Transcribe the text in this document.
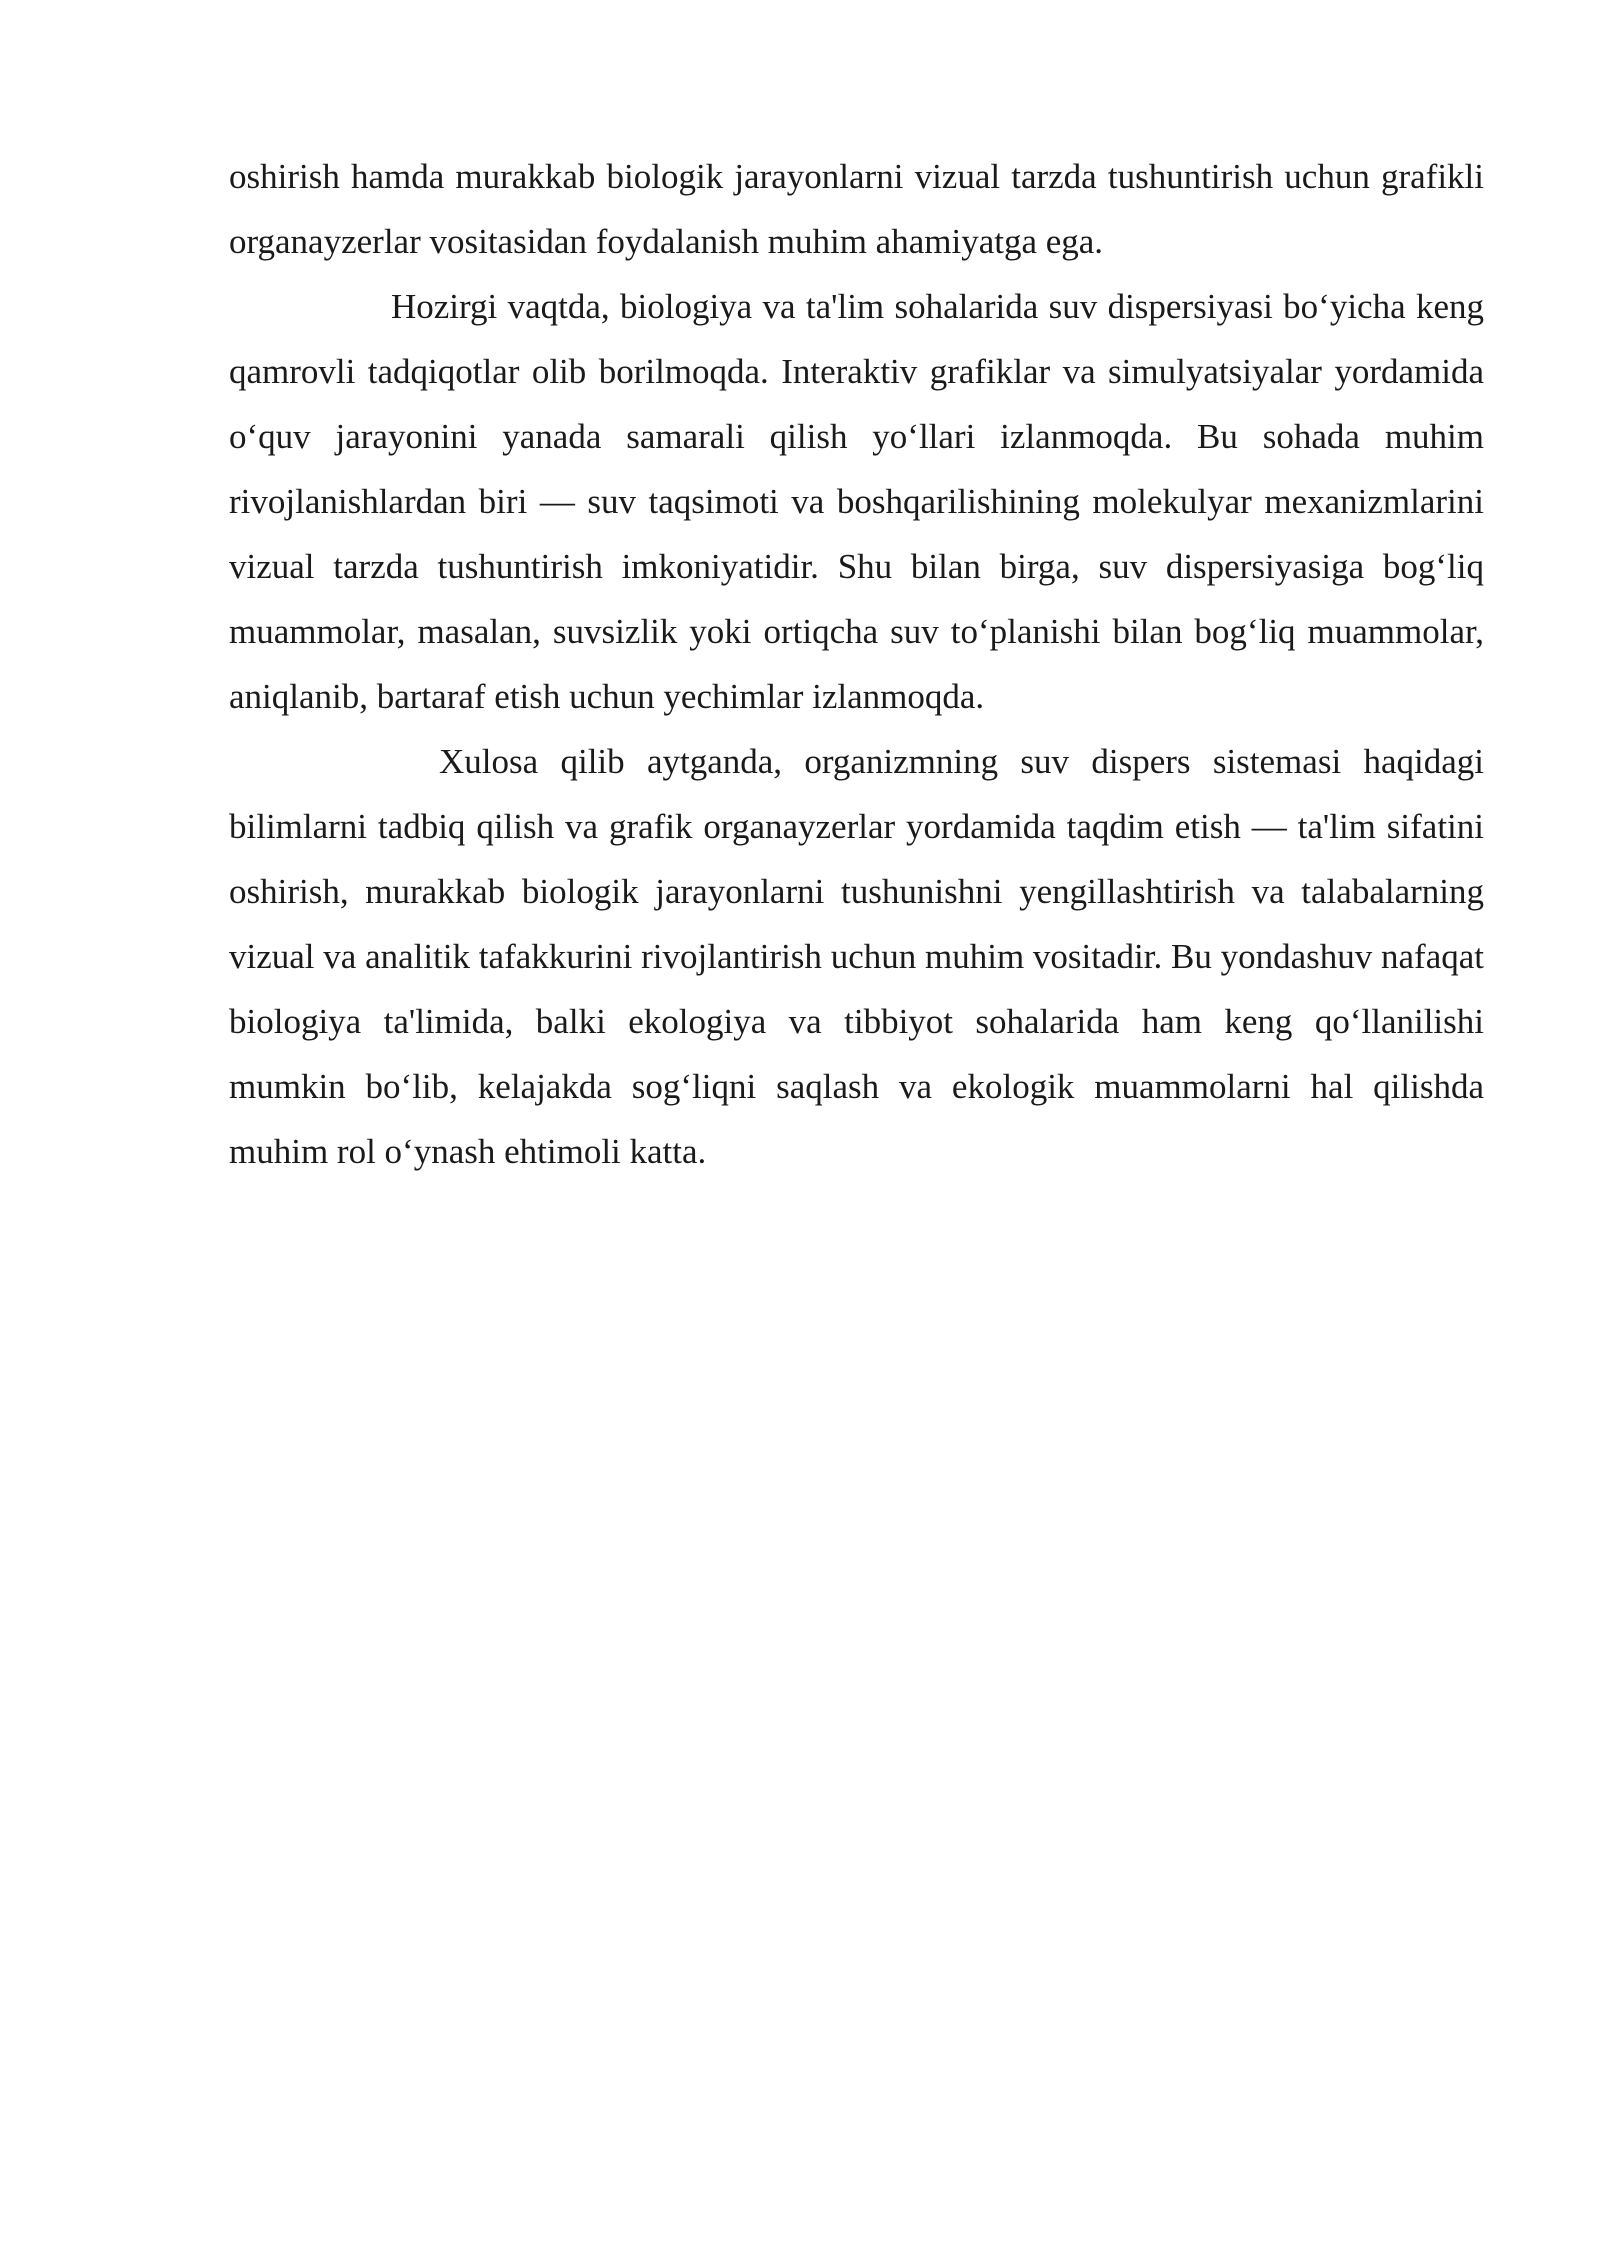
oshirish hamda murakkab biologik jarayonlarni vizual tarzda tushuntirish uchun grafikli organayzerlar vositasidan foydalanish muhim ahamiyatga ega.

Hozirgi vaqtda, biologiya va ta'lim sohalarida suv dispersiyasi bo‘yicha keng qamrovli tadqiqotlar olib borilmoqda. Interaktiv grafiklar va simulyatsiyalar yordamida o‘quv jarayonini yanada samarali qilish yo‘llari izlanmoqda. Bu sohada muhim rivojlanishlardan biri — suv taqsimoti va boshqarilishining molekulyar mexanizmlarini vizual tarzda tushuntirish imkoniyatidir. Shu bilan birga, suv dispersiyasiga bog‘liq muammolar, masalan, suvsizlik yoki ortiqcha suv to‘planishi bilan bog‘liq muammolar, aniqlanib, bartaraf etish uchun yechimlar izlanmoqda.

Xulosa qilib aytganda, organizmning suv dispers sistemasi haqidagi bilimlarni tadbiq qilish va grafik organayzerlar yordamida taqdim etish — ta'lim sifatini oshirish, murakkab biologik jarayonlarni tushunishni yengillashtirish va talabalarning vizual va analitik tafakkurini rivojlantirish uchun muhim vositadir. Bu yondashuv nafaqat biologiya ta'limida, balki ekologiya va tibbiyot sohalarida ham keng qo‘llanilishi mumkin bo‘lib, kelajakda sog‘liqni saqlash va ekologik muammolarni hal qilishda muhim rol o‘ynash ehtimoli katta.
